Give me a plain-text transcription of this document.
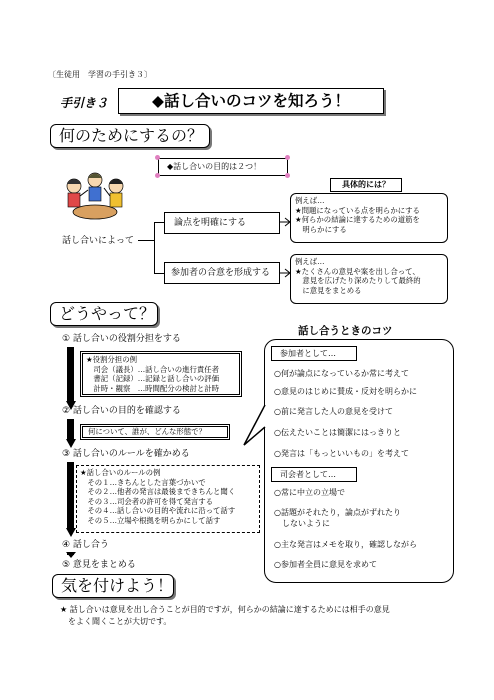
〔生徒用　学習の手引き３〕
手引き３	◆話し合いのコツを知ろう！
何のためにするの？
◆話し合いの目的は２つ！
話し合いによって
論点を明確にする
具体的には？
例えば…
★問題になっている点を明らかにする
★何らかの結論に達するための道筋を
　明らかにする
参加者の合意を形成する
例えば…
★たくさんの意見や案を出し合って、
　意見を広げたり深めたりして最終的
　に意見をまとめる
どうやって？
① 話し合いの役割分担をする
★役割分担の例
　司会（議長）…話し合いの進行責任者
　書記（記録）…記録と話し合いの評価
　計時・観察　…時間配分の検討と計時
② 話し合いの目的を確認する
何について、誰が、どんな形態で？
③ 話し合いのルールを確かめる
★話し合いのルールの例
　その１…きちんとした言葉づかいで
　その２…他者の発言は最後まできちんと聞く
　その３…司会者の許可を得て発言する
　その４…話し合いの目的や流れに沿って話す
　その５…立場や根拠を明らかにして話す
④ 話し合う
⑤ 意見をまとめる
話し合うときのコツ
参加者として…
○何が論点になっているか常に考えて
○意見のはじめに賛成・反対を明らかに
○前に発言した人の意見を受けて
○伝えたいことは簡潔にはっきりと
○発言は「もっといいもの」を考えて
司会者として…
○常に中立の立場で
○話題がそれたり，論点がずれたり
　しないように
○主な発言はメモを取り，確認しながら
○参加者全員に意見を求めて
気を付けよう！
★ 話し合いは意見を出し合うことが目的ですが，何らかの結論に達するためには相手の意見
　をよく聞くことが大切です。
